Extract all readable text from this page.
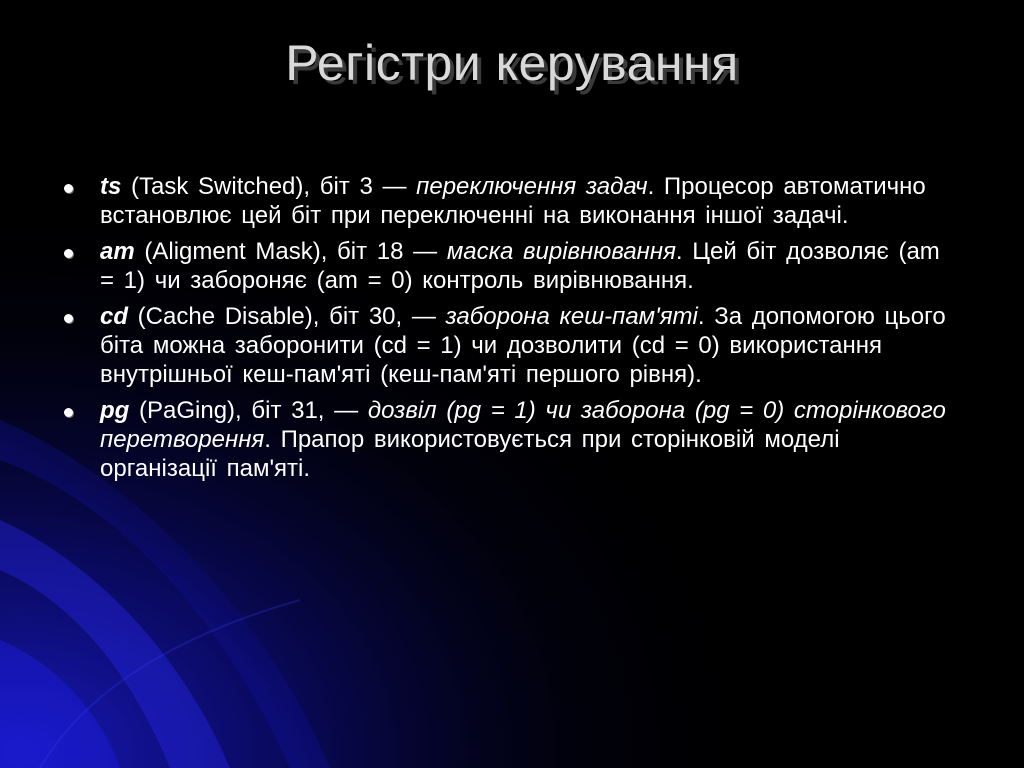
Регістри керування
ts (Task Switched), біт 3 — переключення задач. Процесор автоматично встановлює цей біт при переключенні на виконання іншої задачі.
am (Aligment Mask), біт 18 — маска вирівнювання. Цей біт дозволяє (am = 1) чи забороняє (am = 0) контроль вирівнювання.
cd (Cache Disable), біт 30, — заборона кеш-пам'яті. За допомогою цього біта можна заборонити (cd = 1) чи дозволити (cd = 0) використання внутрішньої кеш-пам'яті (кеш-пам'яті першого рівня).
pg (PaGing), біт 31, — дозвіл (pg = 1) чи заборона (pg = 0) сторінкового перетворення. Прапор використовується при сторінковій моделі організації пам'яті.
